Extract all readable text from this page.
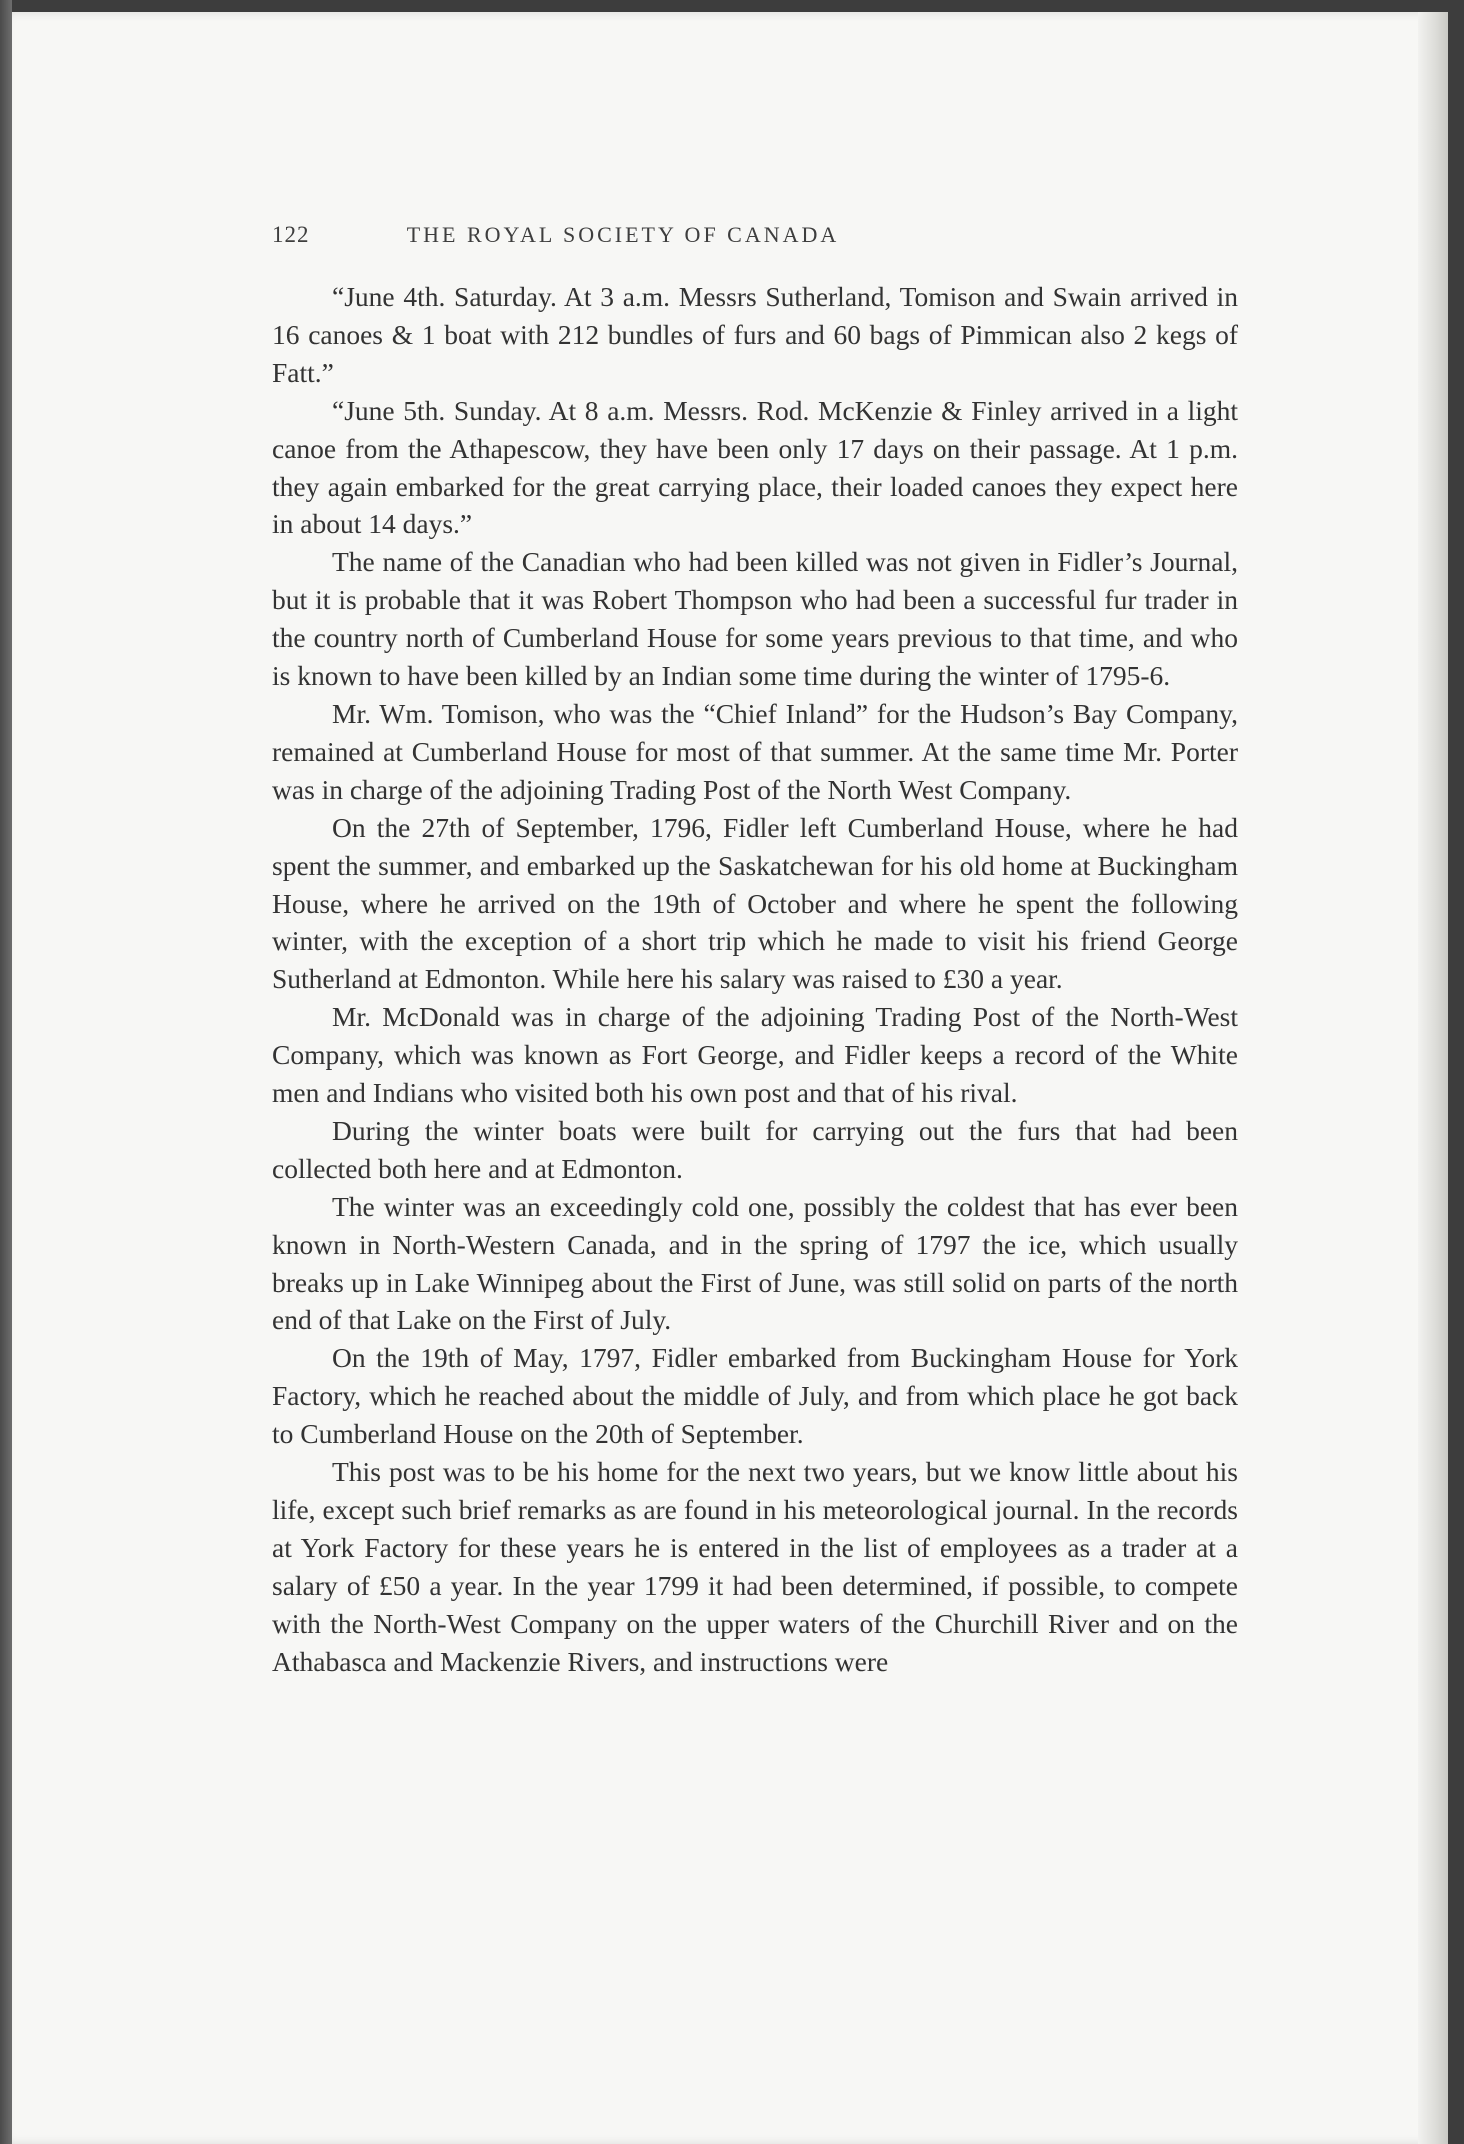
122	THE ROYAL SOCIETY OF CANADA

“June 4th. Saturday. At 3 a.m. Messrs Sutherland, Tomison and Swain arrived in 16 canoes & 1 boat with 212 bundles of furs and 60 bags of Pimmican also 2 kegs of Fatt.”

“June 5th. Sunday. At 8 a.m. Messrs. Rod. McKenzie & Finley arrived in a light canoe from the Athapescow, they have been only 17 days on their passage. At 1 p.m. they again embarked for the great carrying place, their loaded canoes they expect here in about 14 days.”

The name of the Canadian who had been killed was not given in Fidler’s Journal, but it is probable that it was Robert Thompson who had been a successful fur trader in the country north of Cumberland House for some years previous to that time, and who is known to have been killed by an Indian some time during the winter of 1795-6.

Mr. Wm. Tomison, who was the “Chief Inland” for the Hudson’s Bay Company, remained at Cumberland House for most of that summer. At the same time Mr. Porter was in charge of the adjoining Trading Post of the North West Company.

On the 27th of September, 1796, Fidler left Cumberland House, where he had spent the summer, and embarked up the Saskatchewan for his old home at Buckingham House, where he arrived on the 19th of October and where he spent the following winter, with the exception of a short trip which he made to visit his friend George Sutherland at Edmonton. While here his salary was raised to £30 a year.

Mr. McDonald was in charge of the adjoining Trading Post of the North-West Company, which was known as Fort George, and Fidler keeps a record of the White men and Indians who visited both his own post and that of his rival.

During the winter boats were built for carrying out the furs that had been collected both here and at Edmonton.

The winter was an exceedingly cold one, possibly the coldest that has ever been known in North-Western Canada, and in the spring of 1797 the ice, which usually breaks up in Lake Winnipeg about the First of June, was still solid on parts of the north end of that Lake on the First of July.

On the 19th of May, 1797, Fidler embarked from Buckingham House for York Factory, which he reached about the middle of July, and from which place he got back to Cumberland House on the 20th of September.

This post was to be his home for the next two years, but we know little about his life, except such brief remarks as are found in his meteorological journal. In the records at York Factory for these years he is entered in the list of employees as a trader at a salary of £50 a year. In the year 1799 it had been determined, if possible, to compete with the North-West Company on the upper waters of the Churchill River and on the Athabasca and Mackenzie Rivers, and instructions were
